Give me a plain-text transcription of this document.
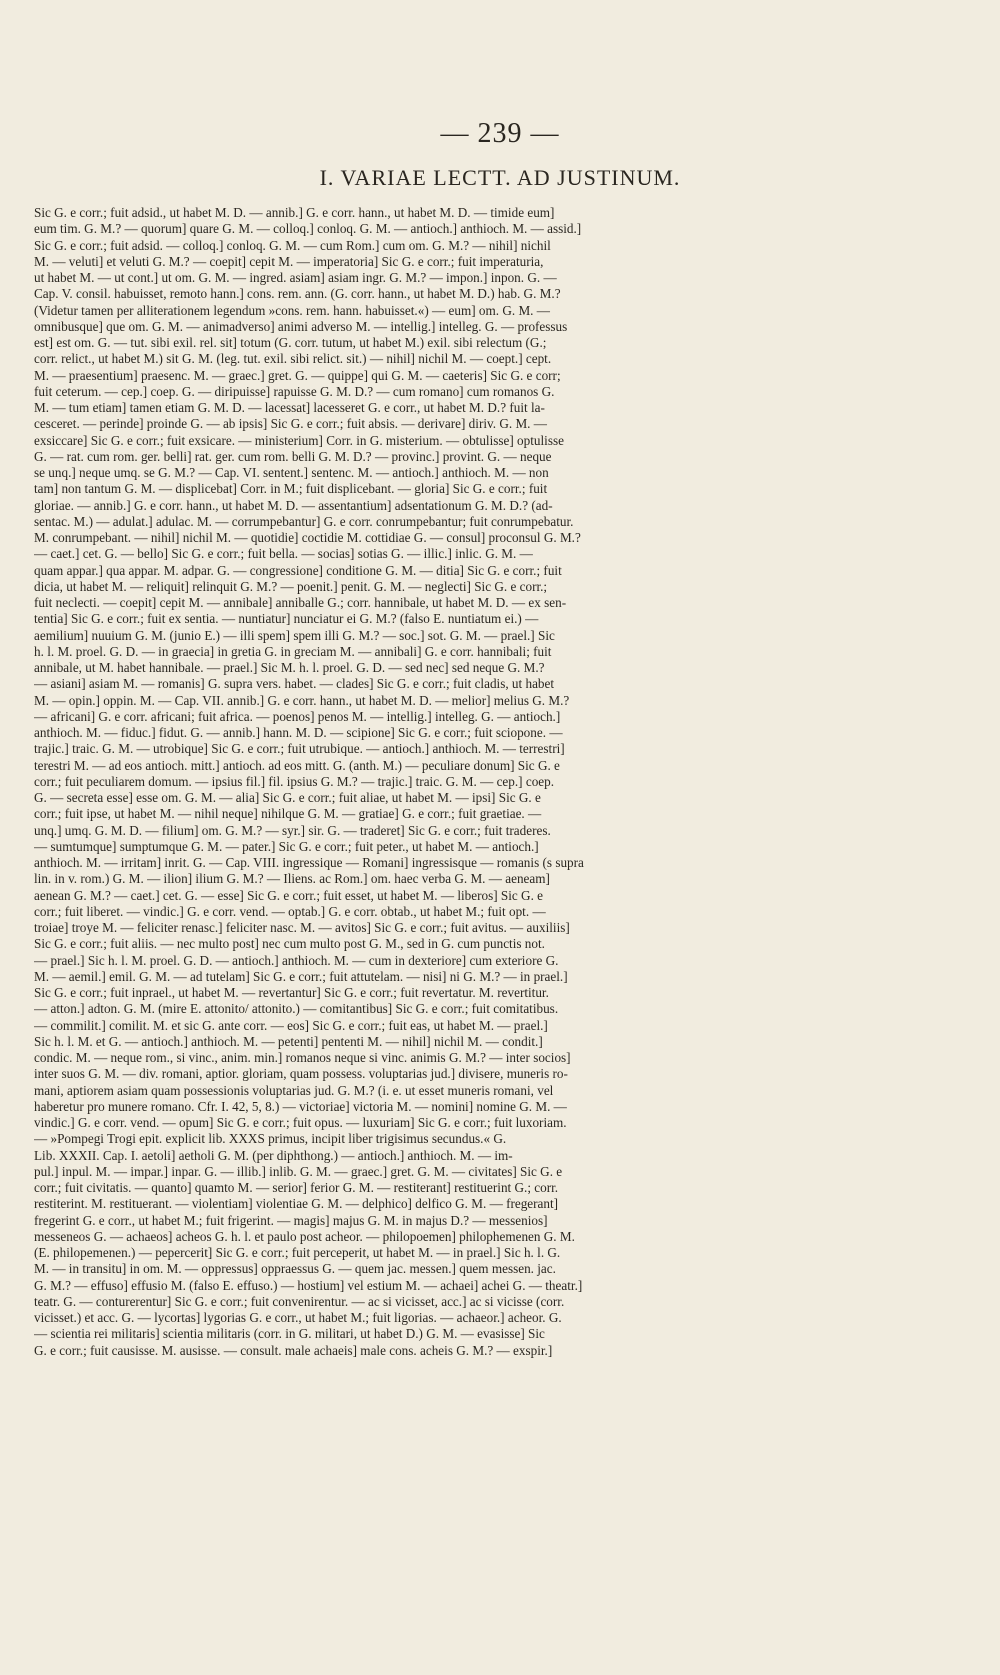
— 239 —
I. VARIAE LECTT. AD JUSTINUM.
Sic G. e corr.; fuit adsid., ut habet M. D. — annib.] G. e corr. hann., ut habet M. D. — timide eum]
eum tim. G. M.? — quorum] quare G. M. — colloq.] conloq. G. M. — antioch.] anthioch. M. — assid.]
Sic G. e corr.; fuit adsid. — colloq.] conloq. G. M. — cum Rom.] cum om. G. M.? — nihil] nichil
M. — veluti] et veluti G. M.? — coepit] cepit M. — imperatoria] Sic G. e corr.; fuit imperaturia,
ut habet M. — ut cont.] ut om. G. M. — ingred. asiam] asiam ingr. G. M.? — impon.] inpon. G. —
Cap. V. consil. habuisset, remoto hann.] cons. rem. ann. (G. corr. hann., ut habet M. D.) hab. G. M.?
(Videtur tamen per alliterationem legendum »cons. rem. hann. habuisset.«) — eum] om. G. M. —
omnibusque] que om. G. M. — animadverso] animi adverso M. — intellig.] intelleg. G. — professus
est] est om. G. — tut. sibi exil. rel. sit] totum (G. corr. tutum, ut habet M.) exil. sibi relectum (G.;
corr. relict., ut habet M.) sit G. M. (leg. tut. exil. sibi relict. sit.) — nihil] nichil M. — coept.] cept.
M. — praesentium] praesenc. M. — graec.] gret. G. — quippe] qui G. M. — caeteris] Sic G. e corr;
fuit ceterum. — cep.] coep. G. — diripuisse] rapuisse G. M. D.? — cum romano] cum romanos G.
M. — tum etiam] tamen etiam G. M. D. — lacessat] lacesseret G. e corr., ut habet M. D.? fuit la-
cesceret. — perinde] proinde G. — ab ipsis] Sic G. e corr.; fuit absis. — derivare] diriv. G. M. —
exsiccare] Sic G. e corr.; fuit exsicare. — ministerium] Corr. in G. misterium. — obtulisse] optulisse
G. — rat. cum rom. ger. belli] rat. ger. cum rom. belli G. M. D.? — provinc.] provint. G. — neque
se unq.] neque umq. se G. M.? — Cap. VI. sentent.] sentenc. M. — antioch.] anthioch. M. — non
tam] non tantum G. M. — displicebat] Corr. in M.; fuit displicebant. — gloria] Sic G. e corr.; fuit
gloriae. — annib.] G. e corr. hann., ut habet M. D. — assentantium] adsentationum G. M. D.? (ad-
sentac. M.) — adulat.] adulac. M. — corrumpebantur] G. e corr. conrumpebantur; fuit conrumpebatur.
M. conrumpebant. — nihil] nichil M. — quotidie] coctidie M. cottidiae G. — consul] proconsul G. M.?
— caet.] cet. G. — bello] Sic G. e corr.; fuit bella. — socias] sotias G. — illic.] inlic. G. M. —
quam appar.] qua appar. M. adpar. G. — congressione] conditione G. M. — ditia] Sic G. e corr.; fuit
dicia, ut habet M. — reliquit] relinquit G. M.? — poenit.] penit. G. M. — neglecti] Sic G. e corr.;
fuit neclecti. — coepit] cepit M. — annibale] anniballe G.; corr. hannibale, ut habet M. D. — ex sen-
tentia] Sic G. e corr.; fuit ex sentia. — nuntiatur] nunciatur ei G. M.? (falso E. nuntiatum ei.) —
aemilium] nuuium G. M. (junio E.) — illi spem] spem illi G. M.? — soc.] sot. G. M. — prael.] Sic
h. l. M. proel. G. D. — in graecia] in gretia G. in greciam M. — annibali] G. e corr. hannibali; fuit
annibale, ut M. habet hannibale. — prael.] Sic M. h. l. proel. G. D. — sed nec] sed neque G. M.?
— asiani] asiam M. — romanis] G. supra vers. habet. — clades] Sic G. e corr.; fuit cladis, ut habet
M. — opin.] oppin. M. — Cap. VII. annib.] G. e corr. hann., ut habet M. D. — melior] melius G. M.?
— africani] G. e corr. africani; fuit africa. — poenos] penos M. — intellig.] intelleg. G. — antioch.]
anthioch. M. — fiduc.] fidut. G. — annib.] hann. M. D. — scipione] Sic G. e corr.; fuit sciopone. —
trajic.] traic. G. M. — utrobique] Sic G. e corr.; fuit utrubique. — antioch.] anthioch. M. — terrestri]
terestri M. — ad eos antioch. mitt.] antioch. ad eos mitt. G. (anth. M.) — peculiare donum] Sic G. e
corr.; fuit peculiarem domum. — ipsius fil.] fil. ipsius G. M.? — trajic.] traic. G. M. — cep.] coep.
G. — secreta esse] esse om. G. M. — alia] Sic G. e corr.; fuit aliae, ut habet M. — ipsi] Sic G. e
corr.; fuit ipse, ut habet M. — nihil neque] nihilque G. M. — gratiae] G. e corr.; fuit graetiae. —
unq.] umq. G. M. D. — filium] om. G. M.? — syr.] sir. G. — traderet] Sic G. e corr.; fuit traderes.
— sumtumque] sumptumque G. M. — pater.] Sic G. e corr.; fuit peter., ut habet M. — antioch.]
anthioch. M. — irritam] inrit. G. — Cap. VIII. ingressique — Romani] ingressisque — romanis (s supra
lin. in v. rom.) G. M. — ilion] ilium G. M.? — Iliens. ac Rom.] om. haec verba G. M. — aeneam]
aenean G. M.? — caet.] cet. G. — esse] Sic G. e corr.; fuit esset, ut habet M. — liberos] Sic G. e
corr.; fuit liberet. — vindic.] G. e corr. vend. — optab.] G. e corr. obtab., ut habet M.; fuit opt. —
troiae] troye M. — feliciter renasc.] feliciter nasc. M. — avitos] Sic G. e corr.; fuit avitus. — auxiliis]
Sic G. e corr.; fuit aliis. — nec multo post] nec cum multo post G. M., sed in G. cum punctis not.
— prael.] Sic h. l. M. proel. G. D. — antioch.] anthioch. M. — cum in dexteriore] cum exteriore G.
M. — aemil.] emil. G. M. — ad tutelam] Sic G. e corr.; fuit attutelam. — nisi] ni G. M.? — in prael.]
Sic G. e corr.; fuit inprael., ut habet M. — revertantur] Sic G. e corr.; fuit revertatur. M. revertitur.
— atton.] adton. G. M. (mire E. attonito/ attonito.) — comitantibus] Sic G. e corr.; fuit comitatibus.
— commilit.] comilit. M. et sic G. ante corr. — eos] Sic G. e corr.; fuit eas, ut habet M. — prael.]
Sic h. l. M. et G. — antioch.] anthioch. M. — petenti] pententi M. — nihil] nichil M. — condit.]
condic. M. — neque rom., si vinc., anim. min.] romanos neque si vinc. animis G. M.? — inter socios]
inter suos G. M. — div. romani, aptior. gloriam, quam possess. voluptarias jud.] divisere, muneris ro-
mani, aptiorem asiam quam possessionis voluptarias jud. G. M.? (i. e. ut esset muneris romani, vel
haberetur pro munere romano. Cfr. I. 42, 5, 8.) — victoriae] victoria M. — nomini] nomine G. M. —
vindic.] G. e corr. vend. — opum] Sic G. e corr.; fuit opus. — luxuriam] Sic G. e corr.; fuit luxoriam.
— »Pompegi Trogi epit. explicit lib. XXXS primus, incipit liber trigisimus secundus.« G.
Lib. XXXII. Cap. I. aetoli] aetholi G. M. (per diphthong.) — antioch.] anthioch. M. — im-
pul.] inpul. M. — impar.] inpar. G. — illib.] inlib. G. M. — graec.] gret. G. M. — civitates] Sic G. e
corr.; fuit civitatis. — quanto] quamto M. — serior] ferior G. M. — restiterant] restituerint G.; corr.
restiterint. M. restituerant. — violentiam] violentiae G. M. — delphico] delfico G. M. — fregerant]
fregerint G. e corr., ut habet M.; fuit frigerint. — magis] majus G. M. in majus D.? — messenios]
messeneos G. — achaeos] acheos G. h. l. et paulo post acheor. — philopoemen] philophemenen G. M.
(E. philopemenen.) — pepercerit] Sic G. e corr.; fuit perceperit, ut habet M. — in prael.] Sic h. l. G.
M. — in transitu] in om. M. — oppressus] oppraessus G. — quem jac. messen.] quem messen. jac.
G. M.? — effuso] effusio M. (falso E. effuso.) — hostium] vel estium M. — achaei] achei G. — theatr.]
teatr. G. — conturerentur] Sic G. e corr.; fuit convenirentur. — ac si vicisset, acc.] ac si vicisse (corr.
vicisset.) et acc. G. — lycortas] lygorias G. e corr., ut habet M.; fuit ligorias. — achaeor.] acheor. G.
— scientia rei militaris] scientia militaris (corr. in G. militari, ut habet D.) G. M. — evasisse] Sic
G. e corr.; fuit causisse. M. ausisse. — consult. male achaeis] male cons. acheis G. M.? — exspir.]
